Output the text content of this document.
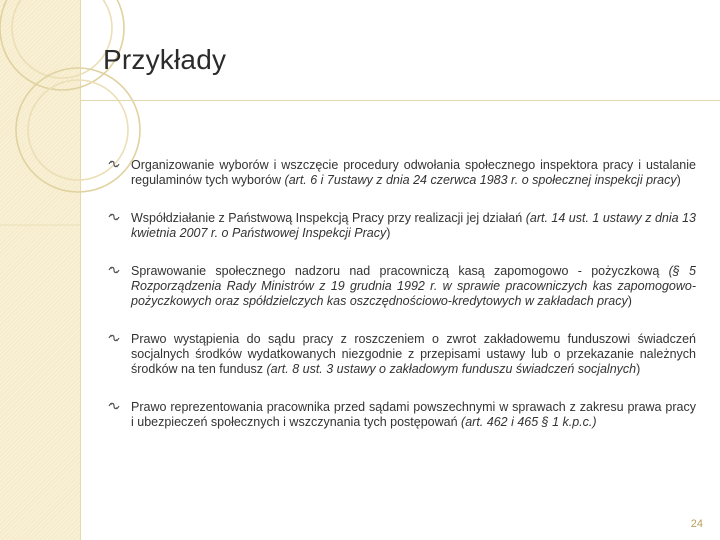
Przykłady
Organizowanie wyborów i wszczęcie procedury odwołania społecznego inspektora pracy i ustalanie regulaminów tych wyborów (art. 6 i 7ustawy z dnia 24 czerwca 1983 r. o społecznej inspekcji pracy)
Współdziałanie z Państwową Inspekcją Pracy przy realizacji jej działań (art. 14 ust. 1 ustawy z dnia 13 kwietnia 2007 r. o Państwowej Inspekcji Pracy)
Sprawowanie społecznego nadzoru nad pracowniczą kasą zapomogowo - pożyczkową (§ 5 Rozporządzenia Rady Ministrów z 19 grudnia 1992 r. w sprawie pracowniczych kas zapomogowo-pożyczkowych oraz spółdzielczych kas oszczędnościowo-kredytowych w zakładach pracy)
Prawo wystąpienia do sądu pracy z roszczeniem o zwrot zakładowemu funduszowi świadczeń socjalnych środków wydatkowanych niezgodnie z przepisami ustawy lub o przekazanie należnych środków na ten fundusz (art. 8 ust. 3 ustawy o zakładowym funduszu świadczeń socjalnych)
Prawo reprezentowania pracownika przed sądami powszechnymi w sprawach z zakresu prawa pracy i ubezpieczeń społecznych i wszczynania tych postępowań (art. 462 i 465 § 1 k.p.c.)
24
